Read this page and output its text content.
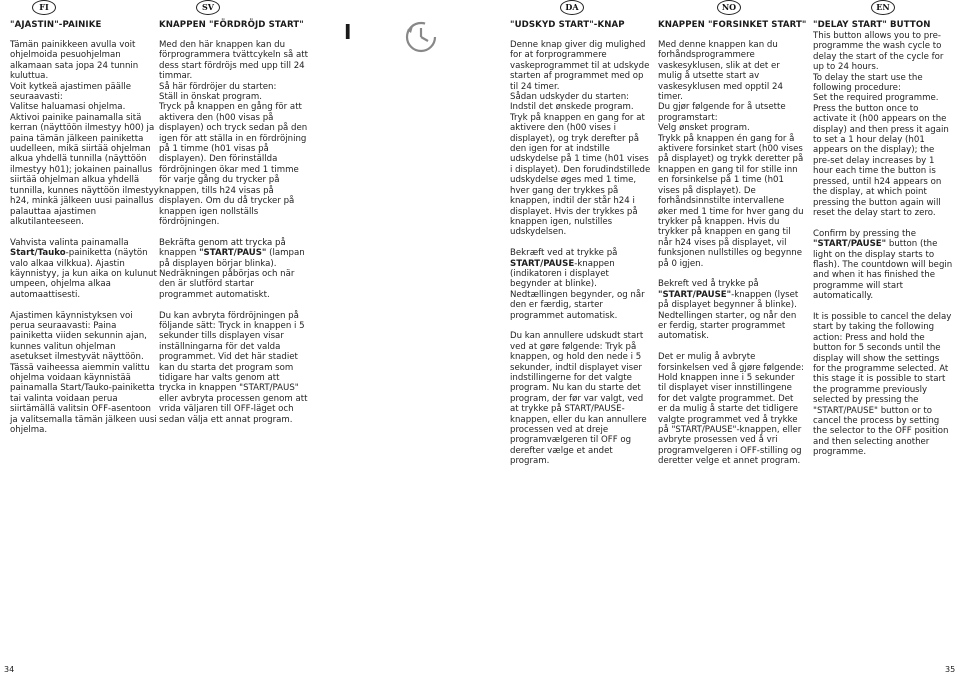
FI	SV	DA	NO	EN
I
"AJASTIN"-PAINIKE

Tämän painikkeen avulla voit ohjelmoida pesuohjelman alkamaan sata jopa 24 tunnin kuluttua.
Voit kytkeä ajastimen päälle seuraavasti:
Valitse haluamasi ohjelma.
Aktivoi painike painamalla sitä kerran (näyttöön ilmestyy h00) ja paina tämän jälkeen painiketta uudelleen, mikä siirtää ohjelman alkua yhdellä tunnilla (näyttöön ilmestyy h01); jokainen painallus siirtää ohjelman alkua yhdellä tunnilla, kunnes näyttöön ilmestyy h24, minkä jälkeen uusi painallus palauttaa ajastimen alkutilanteeseen.

Vahvista valinta painamalla Start/Tauko-painiketta (näytön valo alkaa vilkkua). Ajastin käynnistyy, ja kun aika on kulunut umpeen, ohjelma alkaa automaattisesti.

Ajastimen käynnistyksen voi perua seuraavasti: Paina painiketta viiden sekunnin ajan, kunnes valitun ohjelman asetukset ilmestyvät näyttöön. Tässä vaiheessa aiemmin valittu ohjelma voidaan käynnistää painamalla Start/Tauko-painiketta tai valinta voidaan perua siirtämällä valitsin OFF-asentoon ja valitsemalla tämän jälkeen uusi ohjelma.

KNAPPEN "FÖRDRÖJD START"

Med den här knappen kan du förprogrammera tvättcykeln så att dess start fördröjs med upp till 24 timmar.
Så här fördröjer du starten:
Ställ in önskat program.
Tryck på knappen en gång för att aktivera den (h00 visas på displayen) och tryck sedan på den igen för att ställa in en fördröjning på 1 timme (h01 visas på displayen). Den förinställda fördröjningen ökar med 1 timme för varje gång du trycker på knappen, tills h24 visas på displayen. Om du då trycker på knappen igen nollställs fördröjningen.

Bekräfta genom att trycka på knappen "START/PAUS" (lampan på displayen börjar blinka). Nedräkningen påbörjas och när den är slutförd startar programmet automatiskt.

Du kan avbryta fördröjningen på följande sätt: Tryck in knappen i 5 sekunder tills displayen visar inställningarna för det valda programmet. Vid det här stadiet kan du starta det program som tidigare har valts genom att trycka in knappen "START/PAUS" eller avbryta processen genom att vrida väljaren till OFF-läget och sedan välja ett annat program.

"UDSKYD START"-KNAP

Denne knap giver dig mulighed for at forprogrammere vaskeprogrammet til at udskyde starten af programmet med op til 24 timer.
Sådan udskyder du starten:
Indstil det ønskede program.
Tryk på knappen en gang for at aktivere den (h00 vises i displayet), og tryk derefter på den igen for at indstille udskydelse på 1 time (h01 vises i displayet). Den forudindstillede udskydelse øges med 1 time, hver gang der trykkes på knappen, indtil der står h24 i displayet. Hvis der trykkes på knappen igen, nulstilles udskydelsen.

Bekræft ved at trykke på START/PAUSE-knappen (indikatoren i displayet begynder at blinke). Nedtællingen begynder, og når den er færdig, starter programmet automatisk.

Du kan annullere udskudt start ved at gøre følgende: Tryk på knappen, og hold den nede i 5 sekunder, indtil displayet viser indstillingerne for det valgte program. Nu kan du starte det program, der før var valgt, ved at trykke på START/PAUSE-knappen, eller du kan annullere processen ved at dreje programvælgeren til OFF og derefter vælge et andet program.

KNAPPEN "FORSINKET START"

Med denne knappen kan du forhåndsprogrammere vaskesyklusen, slik at det er mulig å utsette start av vaskesyklusen med opptil 24 timer.
Du gjør følgende for å utsette programstart:
Velg ønsket program.
Trykk på knappen én gang for å aktivere forsinket start (h00 vises på displayet) og trykk deretter på knappen en gang til for stille inn en forsinkelse på 1 time (h01 vises på displayet). De forhåndsinnstilte intervallene øker med 1 time for hver gang du trykker på knappen. Hvis du trykker på knappen en gang til når h24 vises på displayet, vil funksjonen nullstilles og begynne på 0 igjen.

Bekreft ved å trykke på "START/PAUSE"-knappen (lyset på displayet begynner å blinke). Nedtellingen starter, og når den er ferdig, starter programmet automatisk.

Det er mulig å avbryte forsinkelsen ved å gjøre følgende: Hold knappen inne i 5 sekunder til displayet viser innstillingene for det valgte programmet. Det er da mulig å starte det tidligere valgte programmet ved å trykke på "START/PAUSE"-knappen, eller avbryte prosessen ved å vri programvelgeren i OFF-stilling og deretter velge et annet program.

"DELAY START" BUTTON

This button allows you to pre-programme the wash cycle to delay the start of the cycle for up to 24 hours.
To delay the start use the following procedure:
Set the required programme.
Press the button once to activate it (h00 appears on the display) and then press it again to set a 1 hour delay (h01 appears on the display); the pre-set delay increases by 1 hour each time the button is pressed, until h24 appears on the display, at which point pressing the button again will reset the delay start to zero.

Confirm by pressing the "START/PAUSE" button (the light on the display starts to flash). The countdown will begin and when it has finished the programme will start automatically.

It is possible to cancel the delay start by taking the following action: Press and hold the button for 5 seconds until the display will show the settings for the programme selected. At this stage it is possible to start the programme previously selected by pressing the "START/PAUSE" button or to cancel the process by setting the selector to the OFF position and then selecting another programme.

34	35
